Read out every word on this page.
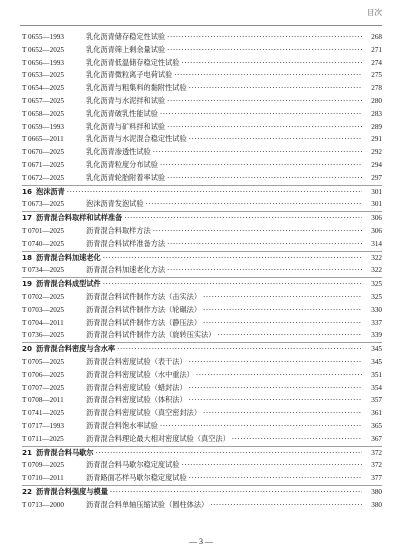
目次
T 0655—1993	乳化沥青储存稳定性试验 ·····	268
T 0652—2025	乳化沥青筛上剩余量试验 ·····	271
T 0656—1993	乳化沥青低温储存稳定性试验 ·····	274
T 0653—2025	乳化沥青微粒离子电荷试验 ·····	275
T 0654—2025	乳化沥青与粗集料的黏附性试验 ·····	278
T 0657—2025	乳化沥青与水泥拌和试验 ·····	280
T 0658—2025	乳化沥青破乳性能试验 ·····	283
T 0659—1993	乳化沥青与矿料拌和试验 ·····	289
T 0665—2011	乳化沥青与水泥混合稳定性试验 ·····	291
T 0670—2025	乳化沥青渗透性试验 ·····	292
T 0671—2025	乳化沥青粒度分布试验 ·····	294
T 0672—2025	乳化沥青轮胎附着率试验 ·····	297
16 泡沫沥青 ·····	301
T 0673—2025	泡沫沥青发泡试验 ·····	301
17 沥青混合料取样和试样准备 ·····	306
T 0701—2025	沥青混合料取样方法 ·····	306
T 0740—2025	沥青混合料试样准备方法 ·····	314
18 沥青混合料加速老化 ·····	322
T 0734—2025	沥青混合料加速老化方法 ·····	322
19 沥青混合料成型试件 ·····	325
T 0702—2025	沥青混合料试件制作方法（击实法） ·····	325
T 0703—2025	沥青混合料试件制作方法（轮碾法） ·····	330
T 0704—2011	沥青混合料试件制作方法（静压法） ·····	337
T 0736—2025	沥青混合料试件制作方法（旋转压实法） ·····	339
20 沥青混合料密度与含水率 ·····	345
T 0705—2025	沥青混合料密度试验（表干法） ·····	345
T 0706—2025	沥青混合料密度试验（水中重法） ·····	351
T 0707—2025	沥青混合料密度试验（蜡封法） ·····	354
T 0708—2011	沥青混合料密度试验（体积法） ·····	357
T 0741—2025	沥青混合料密度试验（真空密封法） ·····	361
T 0717—1993	沥青混合料饱水率试验 ·····	365
T 0711—2025	沥青混合料理论最大相对密度试验（真空法） ·····	367
21 沥青混合料马歇尔 ·····	372
T 0709—2025	沥青混合料马歇尔稳定度试验 ·····	372
T 0710—2011	沥青路面芯样马歇尔稳定度试验 ·····	377
22 沥青混合料强度与模量 ·····	380
T 0713—2000	沥青混合料单轴压缩试验（圆柱体法） ·····	380
— 3 —
